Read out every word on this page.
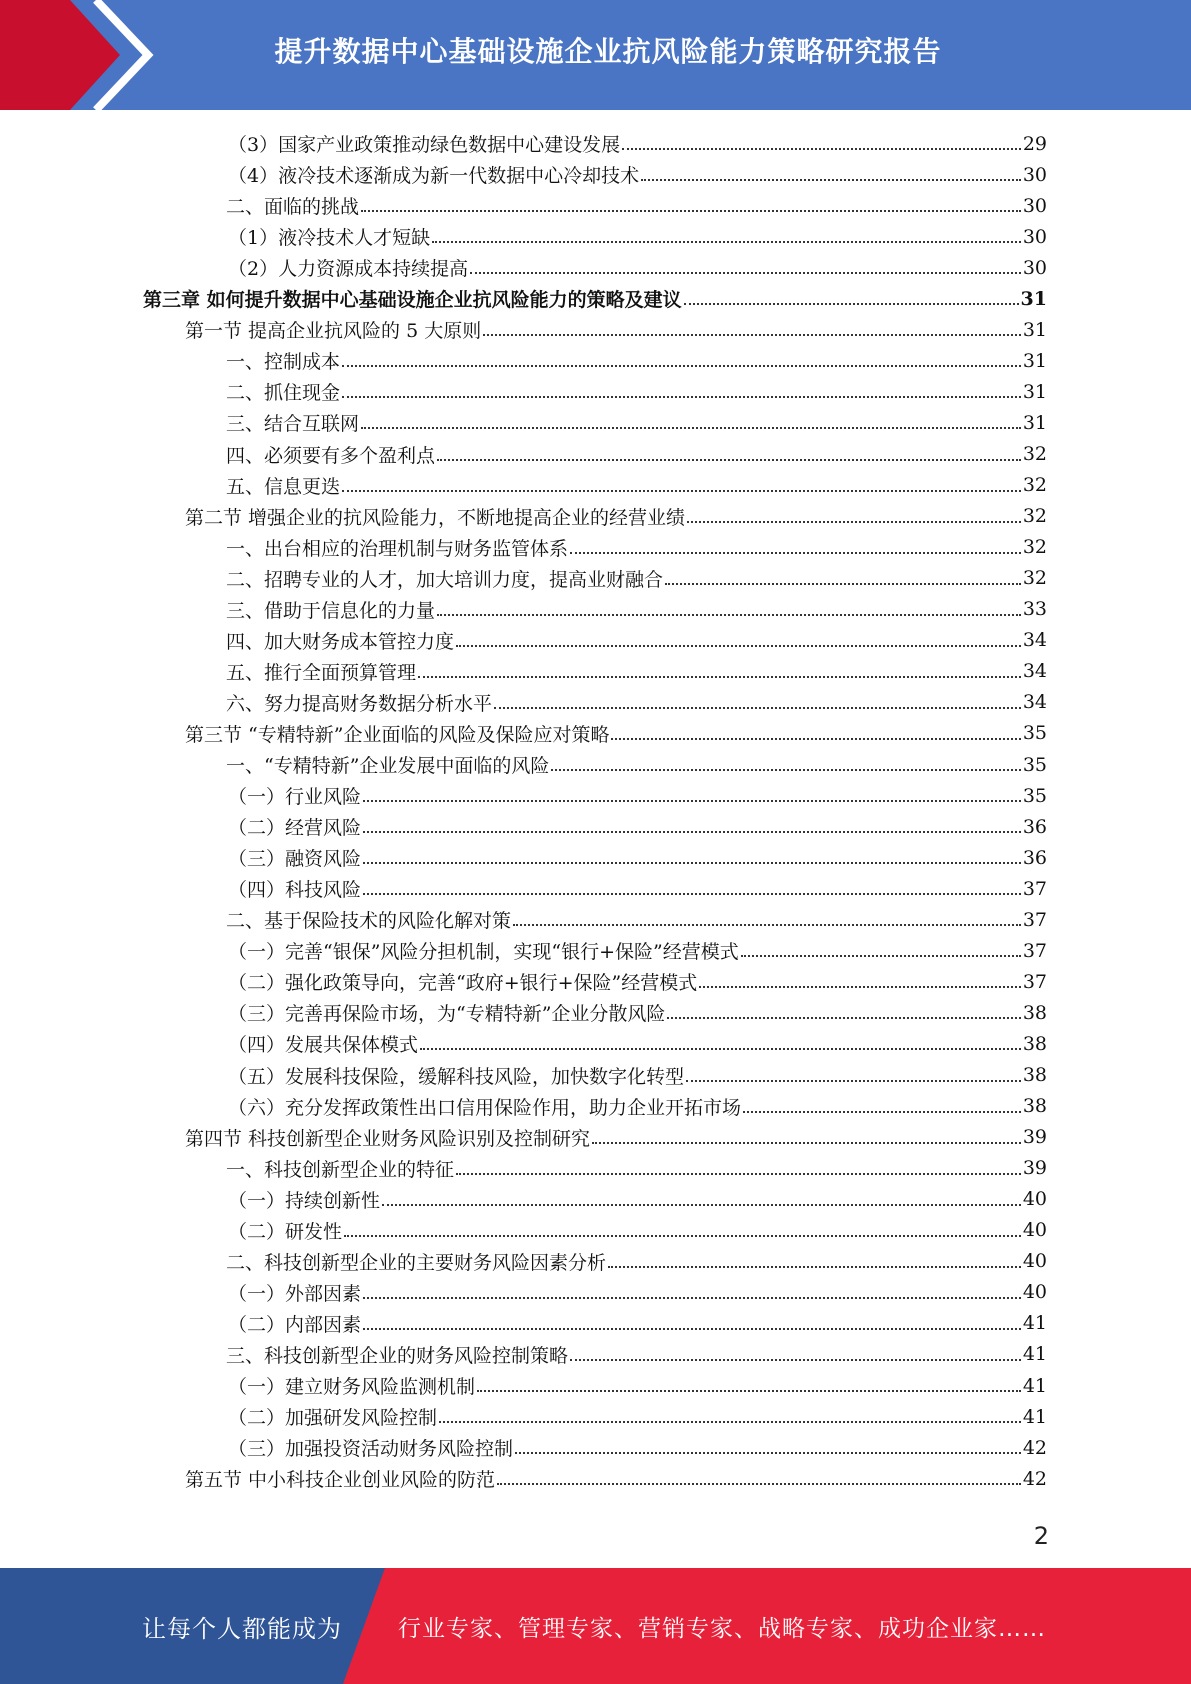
提升数据中心基础设施企业抗风险能力策略研究报告
（3）国家产业政策推动绿色数据中心建设发展	29
（4）液冷技术逐渐成为新一代数据中心冷却技术	30
二、面临的挑战	30
（1）液冷技术人才短缺	30
（2）人力资源成本持续提高	30
第三章 如何提升数据中心基础设施企业抗风险能力的策略及建议	31
第一节 提高企业抗风险的 5 大原则	31
一、控制成本	31
二、抓住现金	31
三、结合互联网	31
四、必须要有多个盈利点	32
五、信息更迭	32
第二节 增强企业的抗风险能力，不断地提高企业的经营业绩	32
一、出台相应的治理机制与财务监管体系	32
二、招聘专业的人才，加大培训力度，提高业财融合	32
三、借助于信息化的力量	33
四、加大财务成本管控力度	34
五、推行全面预算管理	34
六、努力提高财务数据分析水平	34
第三节 “专精特新”企业面临的风险及保险应对策略	35
一、“专精特新”企业发展中面临的风险	35
（一）行业风险	35
（二）经营风险	36
（三）融资风险	36
（四）科技风险	37
二、基于保险技术的风险化解对策	37
（一）完善“银保”风险分担机制，实现“银行+保险”经营模式	37
（二）强化政策导向，完善“政府+银行+保险”经营模式	37
（三）完善再保险市场，为“专精特新”企业分散风险	38
（四）发展共保体模式	38
（五）发展科技保险，缓解科技风险，加快数字化转型	38
（六）充分发挥政策性出口信用保险作用，助力企业开拓市场	38
第四节 科技创新型企业财务风险识别及控制研究	39
一、科技创新型企业的特征	39
（一）持续创新性	40
（二）研发性	40
二、科技创新型企业的主要财务风险因素分析	40
（一）外部因素	40
（二）内部因素	41
三、科技创新型企业的财务风险控制策略	41
（一）建立财务风险监测机制	41
（二）加强研发风险控制	41
（三）加强投资活动财务风险控制	42
第五节 中小科技企业创业风险的防范	42
2
让每个人都能成为 行业专家、管理专家、营销专家、战略专家、成功企业家……
